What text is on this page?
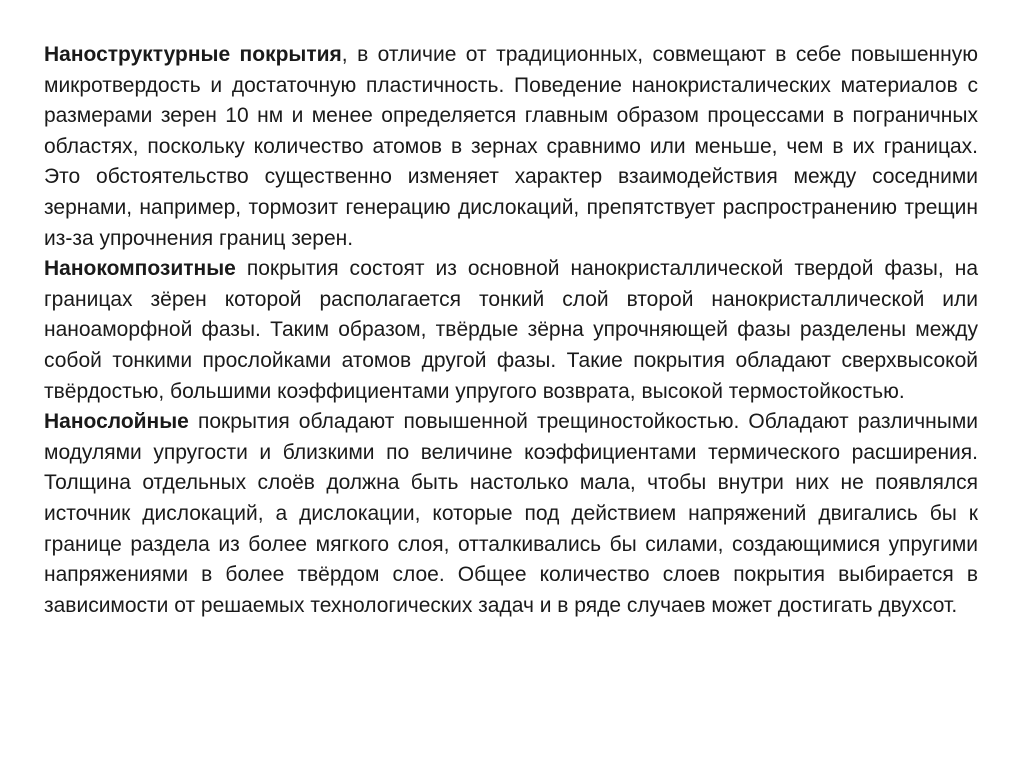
Наноструктурные покрытия, в отличие от традиционных, совмещают в себе повышенную микротвердость и достаточную пластичность. Поведение нанокристалических материалов с размерами зерен 10 нм и менее определяется главным образом процессами в пограничных областях, поскольку количество атомов в зернах сравнимо или меньше, чем в их границах. Это обстоятельство существенно изменяет характер взаимодействия между соседними зернами, например, тормозит генерацию дислокаций, препятствует распространению трещин из-за упрочнения границ зерен.

Нанокомпозитные покрытия состоят из основной нанокристаллической твердой фазы, на границах зёрен которой располагается тонкий слой второй нанокристаллической или наноаморфной фазы. Таким образом, твёрдые зёрна упрочняющей фазы разделены между собой тонкими прослойками атомов другой фазы. Такие покрытия обладают сверхвысокой твёрдостью, большими коэффициентами упругого возврата, высокой термостойкостью.

Нанослойные покрытия обладают повышенной трещиностойкостью. Обладают различными модулями упругости и близкими по величине коэффициентами термического расширения. Толщина отдельных слоёв должна быть настолько мала, чтобы внутри них не появлялся источник дислокаций, а дислокации, которые под действием напряжений двигались бы к границе раздела из более мягкого слоя, отталкивались бы силами, создающимися упругими напряжениями в более твёрдом слое. Общее количество слоев покрытия выбирается в зависимости от решаемых технологических задач и в ряде случаев может достигать двухсот.
